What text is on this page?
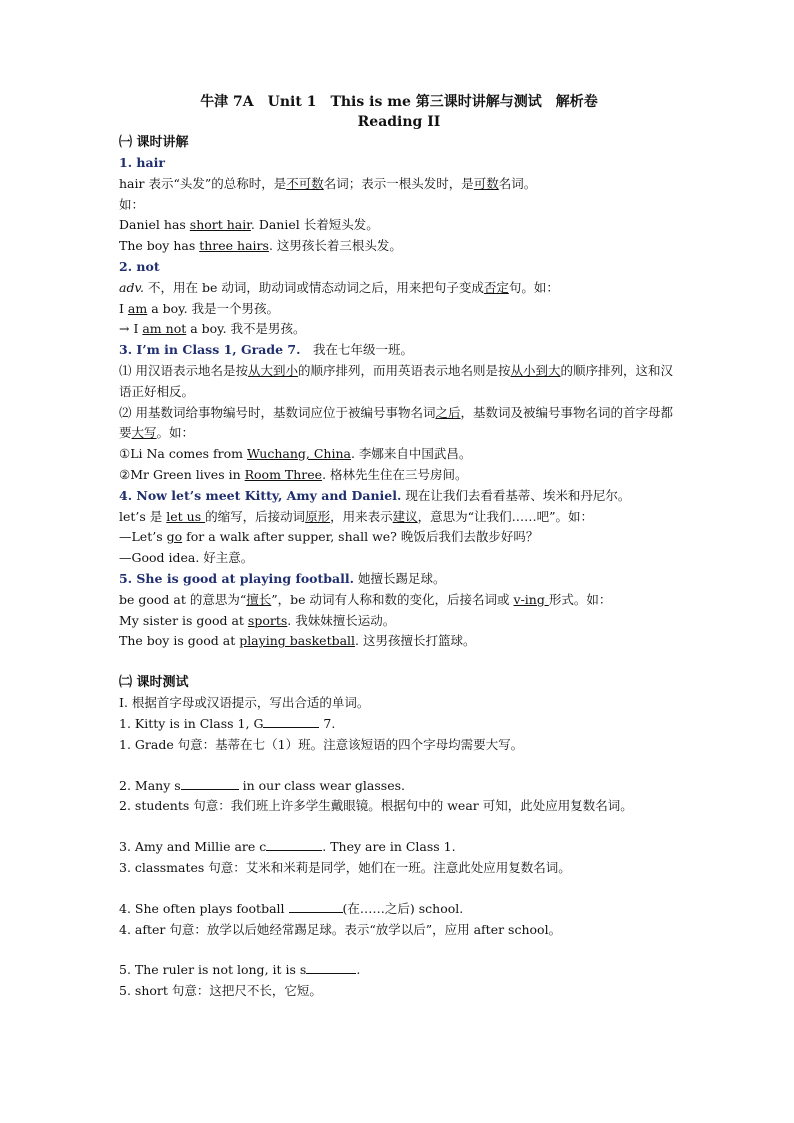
牛津 7A　Unit 1　This is me 第三课时讲解与测试　解析卷
Reading II
㈠ 课时讲解
1. hair
hair 表示“头发”的总称时，是不可数名词；表示一根头发时，是可数名词。
如：
Daniel has short hair. Daniel 长着短头发。
The boy has three hairs. 这男孩长着三根头发。
2. not
adv. 不，用在 be 动词，助动词或情态动词之后，用来把句子变成否定句。如：
I am a boy. 我是一个男孩。
→ I am not a boy. 我不是男孩。
3. I’m in Class 1, Grade 7.　我在七年级一班。
⑴ 用汉语表示地名是按从大到小的顺序排列，而用英语表示地名则是按从小到大的顺序排列，这和汉语正好相反。
⑵ 用基数词给事物编号时，基数词应位于被编号事物名词之后，基数词及被编号事物名词的首字母都要大写。如：
①Li Na comes from Wuchang, China. 李娜来自中国武昌。
②Mr Green lives in Room Three. 格林先生住在三号房间。
4. Now let’s meet Kitty, Amy and Daniel. 现在让我们去看看基蒂、埃米和丹尼尔。
let’s 是 let us 的缩写，后接动词原形，用来表示建议，意思为“让我们……吧”。如：
—Let’s go for a walk after supper, shall we? 晚饭后我们去散步好吗？
—Good idea. 好主意。
5. She is good at playing football. 她擅长踢足球。
be good at 的意思为“擅长”，be 动词有人称和数的变化，后接名词或 v-ing 形式。如：
My sister is good at sports. 我妹妹擅长运动。
The boy is good at playing basketball. 这男孩擅长打篮球。
㈡ 课时测试
I. 根据首字母或汉语提示，写出合适的单词。
1. Kitty is in Class 1, G	7.
1. Grade 句意：基蒂在七（1）班。注意该短语的四个字母均需要大写。
2. Many s	in our class wear glasses.
2. students 句意：我们班上许多学生戴眼镜。根据句中的 wear 可知，此处应用复数名词。
3. Amy and Millie are c	. They are in Class 1.
3. classmates 句意：艾米和米莉是同学，她们在一班。注意此处应用复数名词。
4. She often plays football	(在……之后) school.
4. after 句意：放学以后她经常踢足球。表示“放学以后”，应用 after school。
5. The ruler is not long, it is s	.
5. short 句意：这把尺不长，它短。
